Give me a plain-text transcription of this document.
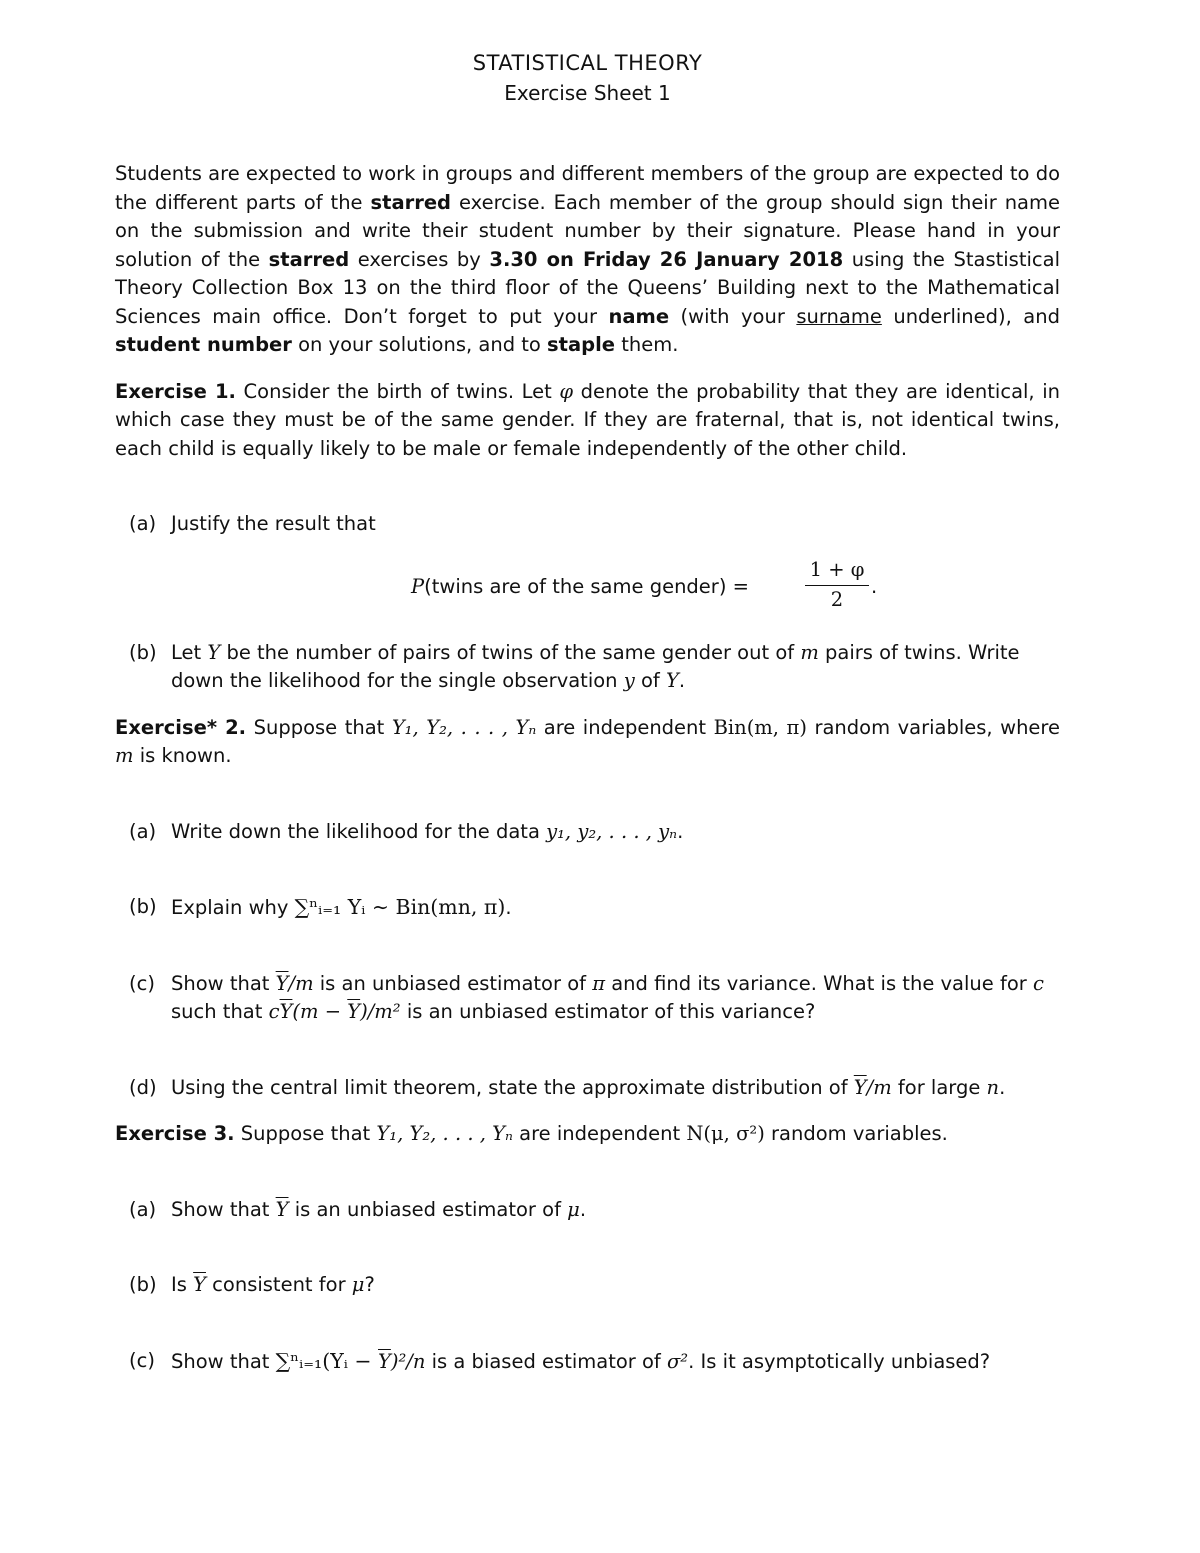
STATISTICAL THEORY
Exercise Sheet 1

Students are expected to work in groups and different members of the group are expected to do the different parts of the starred exercise. Each member of the group should sign their name on the submission and write their student number by their signature. Please hand in your solution of the starred exercises by 3.30 on Friday 26 January 2018 using the Stastistical Theory Collection Box 13 on the third floor of the Queens’ Building next to the Mathematical Sciences main office. Don’t forget to put your name (with your surname underlined), and student number on your solutions, and to staple them.

Exercise 1. Consider the birth of twins. Let φ denote the probability that they are identical, in which case they must be of the same gender. If they are fraternal, that is, not identical twins, each child is equally likely to be male or female independently of the other child.

(a) Justify the result that
P(twins are of the same gender) =	$\frac{1 + \varphi}{2}$ .
(b) Let Y be the number of pairs of twins of the same gender out of m pairs of twins. Write down the likelihood for the single observation y of Y.

Exercise* 2. Suppose that Y₁, Y₂, . . . , Yₙ are independent Bin(m, π) random variables, where m is known.

(a) Write down the likelihood for the data y₁, y₂, . . . , yₙ.
(b) Explain why ∑ⁿᵢ₌₁ Yᵢ ∼ Bin(mn, π).
(c) Show that $\overline{Y}/m$ is an unbiased estimator of π and find its variance. What is the value for c such that $c\overline{Y}(m - \overline{Y})/m^2$ is an unbiased estimator of this variance?
(d) Using the central limit theorem, state the approximate distribution of $\overline{Y}/m$ for large n.

Exercise 3. Suppose that Y₁, Y₂, . . . , Yₙ are independent N(μ, σ²) random variables.

(a) Show that $\overline{Y}$ is an unbiased estimator of μ.
(b) Is $\overline{Y}$ consistent for μ?
(c) Show that ∑ⁿᵢ₌₁(Yᵢ − $\overline{Y})^2/n$ is a biased estimator of σ². Is it asymptotically unbiased?
